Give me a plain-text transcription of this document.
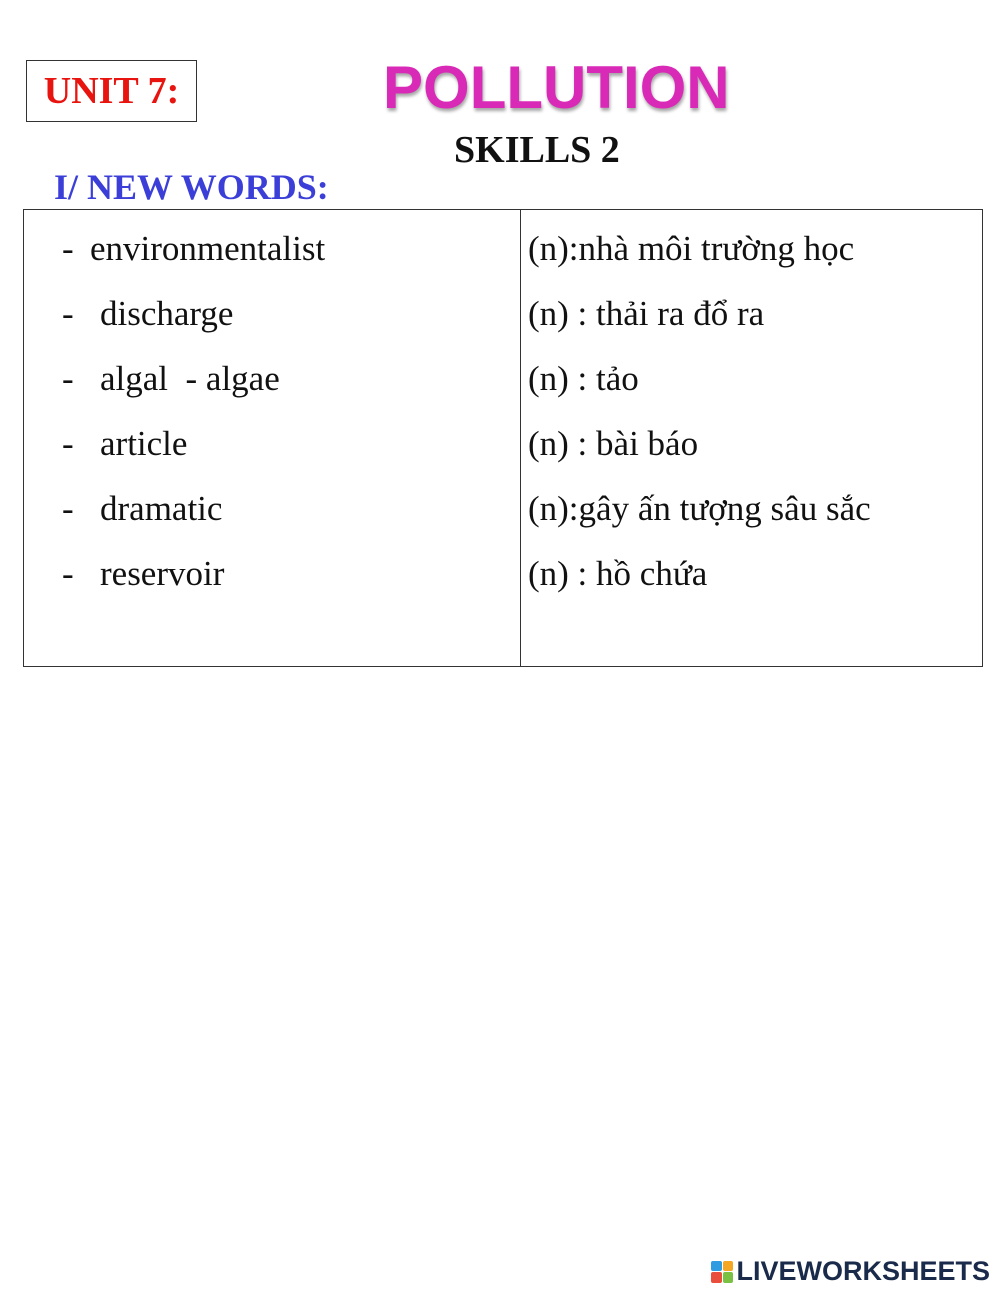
UNIT 7:	POLLUTION
SKILLS 2
I/ NEW WORDS:
- environmentalist
- discharge
- algal  - algae
- article
- dramatic
- reservoir
(n):nhà môi trường học
(n) : thải ra đổ ra
(n) : tảo
(n) : bài báo
(n):gây ấn tượng sâu sắc
(n) : hồ chứa
LIVEWORKSHEETS
